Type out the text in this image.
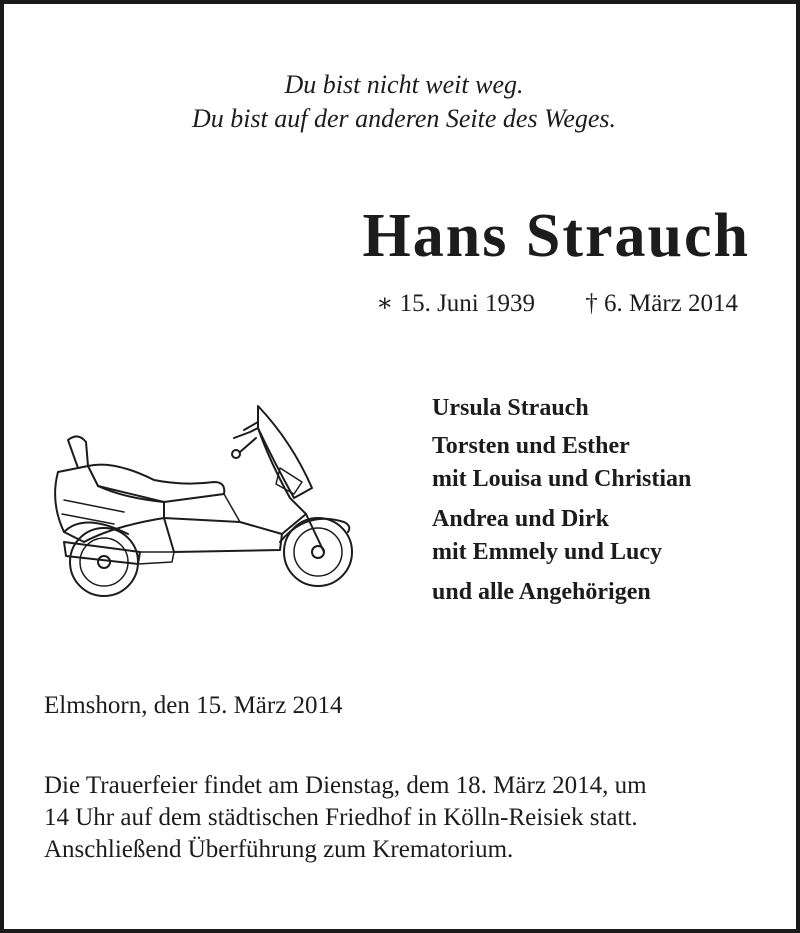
Du bist nicht weit weg.
Du bist auf der anderen Seite des Weges.
Hans Strauch
∗ 15. Juni 1939 † 6. März 2014
Ursula Strauch
Torsten und Esther
mit Louisa und Christian
Andrea und Dirk
mit Emmely und Lucy
und alle Angehörigen
Elmshorn, den 15. März 2014
Die Trauerfeier findet am Dienstag, dem 18. März 2014, um
14 Uhr auf dem städtischen Friedhof in Kölln-Reisiek statt.
Anschließend Überführung zum Krematorium.
